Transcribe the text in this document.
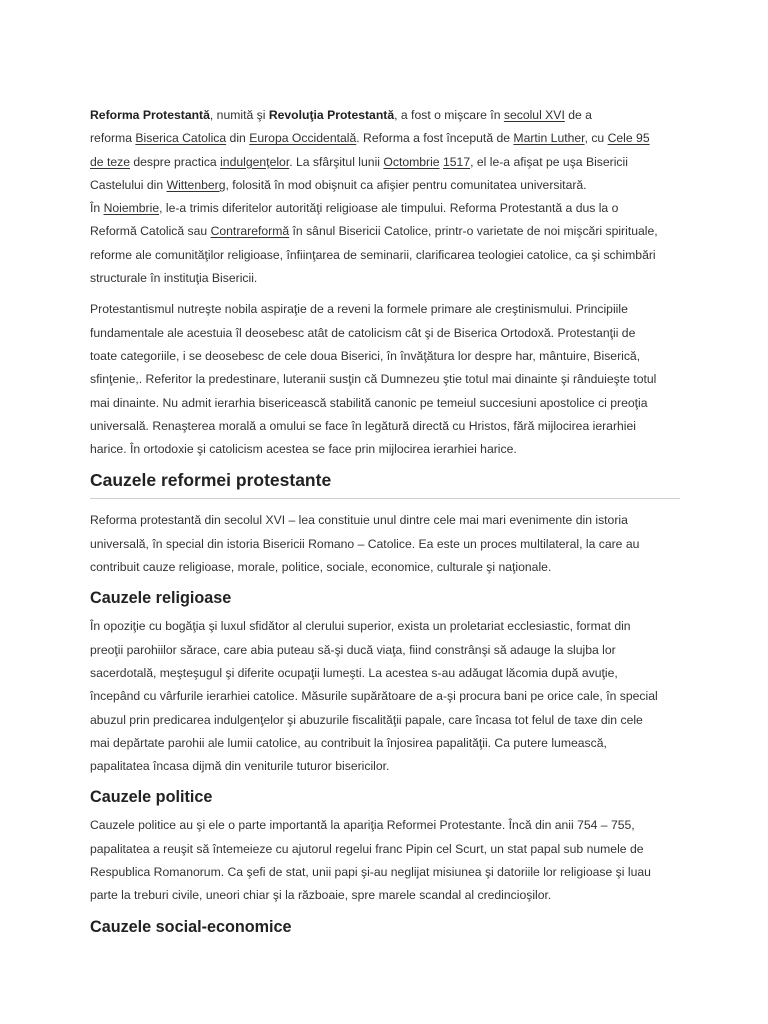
Reforma Protestantă, numită şi Revoluţia Protestantă, a fost o mişcare în secolul XVI de a
reforma Biserica Catolica din Europa Occidentală. Reforma a fost începută de Martin Luther, cu Cele 95
de teze despre practica indulgenţelor. La sfârşitul lunii Octombrie 1517, el le-a afişat pe uşa Bisericii
Castelului din Wittenberg, folosită în mod obişnuit ca afişier pentru comunitatea universitară.
În Noiembrie, le-a trimis diferitelor autorităţi religioase ale timpului. Reforma Protestantă a dus la o
Reformă Catolică sau Contrareformă în sânul Bisericii Catolice, printr-o varietate de noi mişcări spirituale,
reforme ale comunităţilor religioase, înfiinţarea de seminarii, clarificarea teologiei catolice, ca şi schimbări
structurale în instituţia Bisericii.

Protestantismul nutreşte nobila aspiraţie de a reveni la formele primare ale creştinismului. Principiile
fundamentale ale acestuia îl deosebesc atât de catolicism cât şi de Biserica Ortodoxă. Protestanţii de
toate categoriile, i se deosebesc de cele doua Biserici, în învăţătura lor despre har, mântuire, Biserică,
sfinţenie,. Referitor la predestinare, luteranii susţin că Dumnezeu ştie totul mai dinainte şi rânduieşte totul
mai dinainte. Nu admit ierarhia bisericească stabilită canonic pe temeiul succesiuni apostolice ci preoţia
universală. Renaşterea morală a omului se face în legătură directă cu Hristos, fără mijlocirea ierarhiei
harice. În ortodoxie şi catolicism acestea se face prin mijlocirea ierarhiei harice.

Cauzele reformei protestante

Reforma protestantă din secolul XVI – lea constituie unul dintre cele mai mari evenimente din istoria
universală, în special din istoria Bisericii Romano – Catolice. Ea este un proces multilateral, la care au
contribuit cauze religioase, morale, politice, sociale, economice, culturale şi naţionale.

Cauzele religioase

În opoziţie cu bogăţia şi luxul sfidător al clerului superior, exista un proletariat ecclesiastic, format din
preoţii parohiilor sărace, care abia puteau să-şi ducă viaţa, fiind constrânşi să adauge la slujba lor
sacerdotală, meşteşugul şi diferite ocupaţii lumeşti. La acestea s-au adăugat lăcomia după avuţie,
începând cu vârfurile ierarhiei catolice. Măsurile supărătoare de a-şi procura bani pe orice cale, în special
abuzul prin predicarea indulgenţelor şi abuzurile fiscalităţii papale, care încasa tot felul de taxe din cele
mai depărtate parohii ale lumii catolice, au contribuit la înjosirea papalităţii. Ca putere lumească,
papalitatea încasa dijmă din veniturile tuturor bisericilor.

Cauzele politice

Cauzele politice au şi ele o parte importantă la apariţia Reformei Protestante. Încă din anii 754 – 755,
papalitatea a reuşit să întemeieze cu ajutorul regelui franc Pipin cel Scurt, un stat papal sub numele de
Respublica Romanorum. Ca şefi de stat, unii papi şi-au neglijat misiunea şi datoriile lor religioase şi luau
parte la treburi civile, uneori chiar şi la războaie, spre marele scandal al credincioşilor.

Cauzele social-economice
